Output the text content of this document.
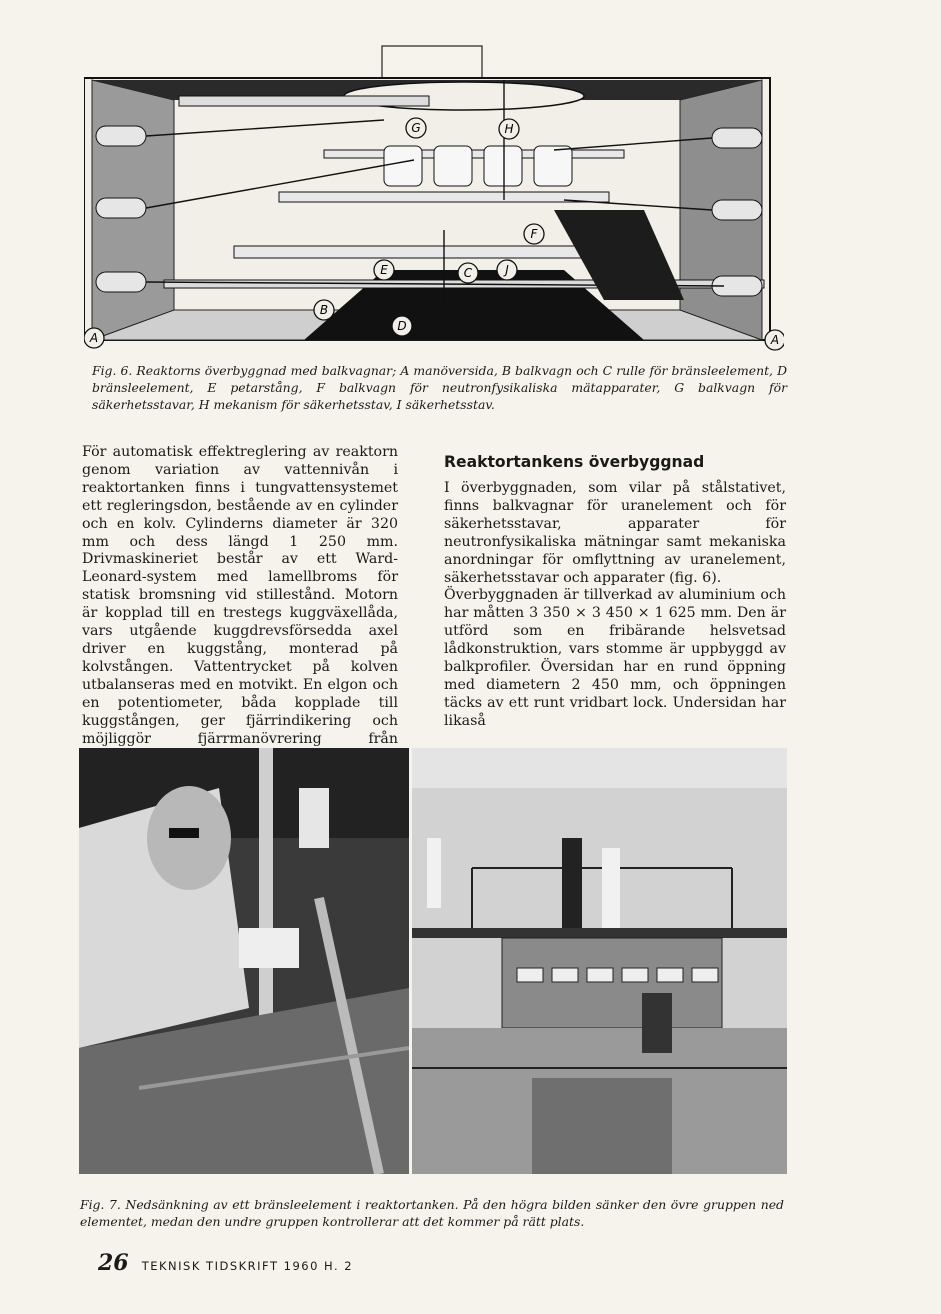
A	A
B
C
D
E
F
G	H
J
Fig. 6. Reaktorns överbyggnad med balkvagnar; A manöversida, B balkvagn och C rulle för bränsleelement, D bränsleelement, E petarstång, F balkvagn för neutronfysikaliska mätapparater, G balkvagn för säkerhetsstavar, H mekanism för säkerhetsstav, I säkerhetsstav.

För automatisk effektreglering av reaktorn genom variation av vattennivån i reaktortanken finns i tungvattensystemet ett regleringsdon, bestående av en cylinder och en kolv. Cylinderns diameter är 320 mm och dess längd 1 250 mm. Drivmaskineriet består av ett Ward-Leonard-system med lamellbroms för statisk bromsning vid stillestånd. Motorn är kopplad till en trestegs kuggväxellåda, vars utgående kuggdrevsförsedda axel driver en kuggstång, monterad på kolvstången. Vattentrycket på kolven utbalanseras med en motvikt. En elgon och en potentiometer, båda kopplade till kuggstången, ger fjärrindikering och möjliggör fjärrmanövrering från

Reaktortankens överbyggnad

I överbyggnaden, som vilar på stålstativet, finns balkvagnar för uranelement och för säkerhetsstavar, apparater för neutronfysikaliska mätningar samt mekaniska anordningar för omflyttning av uranelement, säkerhetsstavar och apparater (fig. 6).

Överbyggnaden är tillverkad av aluminium och har måtten 3 350 × 3 450 × 1 625 mm. Den är utförd som en fribärande helsvetsad lådkonstruktion, vars stomme är uppbyggd av balkprofiler. Översidan har en rund öppning med diametern 2 450 mm, och öppningen täcks av ett runt vridbart lock. Undersidan har likaså

Fig. 7. Nedsänkning av ett bränsleelement i reaktortanken. På den högra bilden sänker den övre gruppen ned elementet, medan den undre gruppen kontrollerar att det kommer på rätt plats.
26 TEKNISK TIDSKRIFT 1960 H. 2
